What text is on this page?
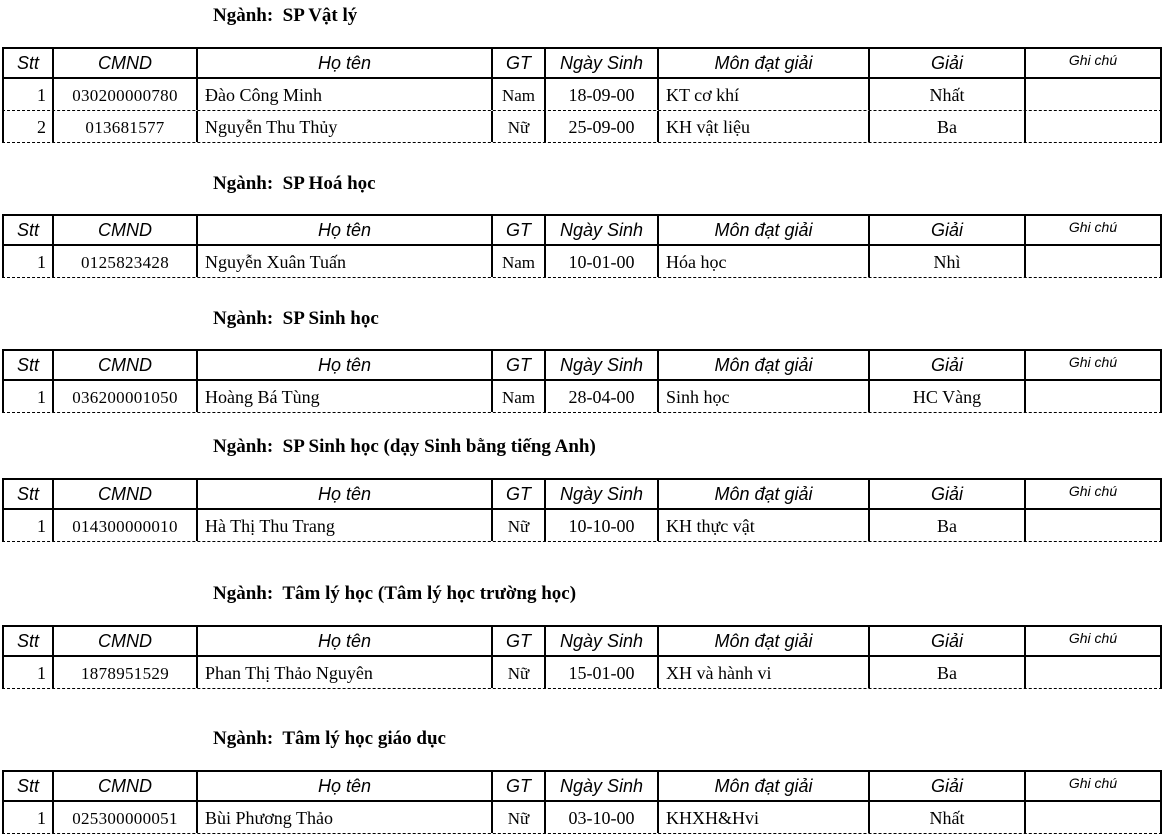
Ngành:  SP Vật lý
Stt	CMND	Họ tên	GT	Ngày Sinh	Môn đạt giải	Giải	Ghi chú
1	030200000780	Đào Công Minh	Nam	18-09-00	KT cơ khí	Nhất
2	013681577	Nguyễn Thu Thủy	Nữ	25-09-00	KH vật liệu	Ba
Ngành:  SP Hoá học
Stt	CMND	Họ tên	GT	Ngày Sinh	Môn đạt giải	Giải	Ghi chú
1	0125823428	Nguyễn Xuân Tuấn	Nam	10-01-00	Hóa học	Nhì
Ngành:  SP Sinh học
Stt	CMND	Họ tên	GT	Ngày Sinh	Môn đạt giải	Giải	Ghi chú
1	036200001050	Hoàng Bá Tùng	Nam	28-04-00	Sinh học	HC Vàng
Ngành:  SP Sinh học (dạy Sinh bằng tiếng Anh)
Stt	CMND	Họ tên	GT	Ngày Sinh	Môn đạt giải	Giải	Ghi chú
1	014300000010	Hà Thị Thu Trang	Nữ	10-10-00	KH thực vật	Ba
Ngành:  Tâm lý học (Tâm lý học trường học)
Stt	CMND	Họ tên	GT	Ngày Sinh	Môn đạt giải	Giải	Ghi chú
1	1878951529	Phan Thị Thảo Nguyên	Nữ	15-01-00	XH và hành vi	Ba
Ngành:  Tâm lý học giáo dục
Stt	CMND	Họ tên	GT	Ngày Sinh	Môn đạt giải	Giải	Ghi chú
1	025300000051	Bùi Phương Thảo	Nữ	03-10-00	KHXH&Hvi	Nhất
